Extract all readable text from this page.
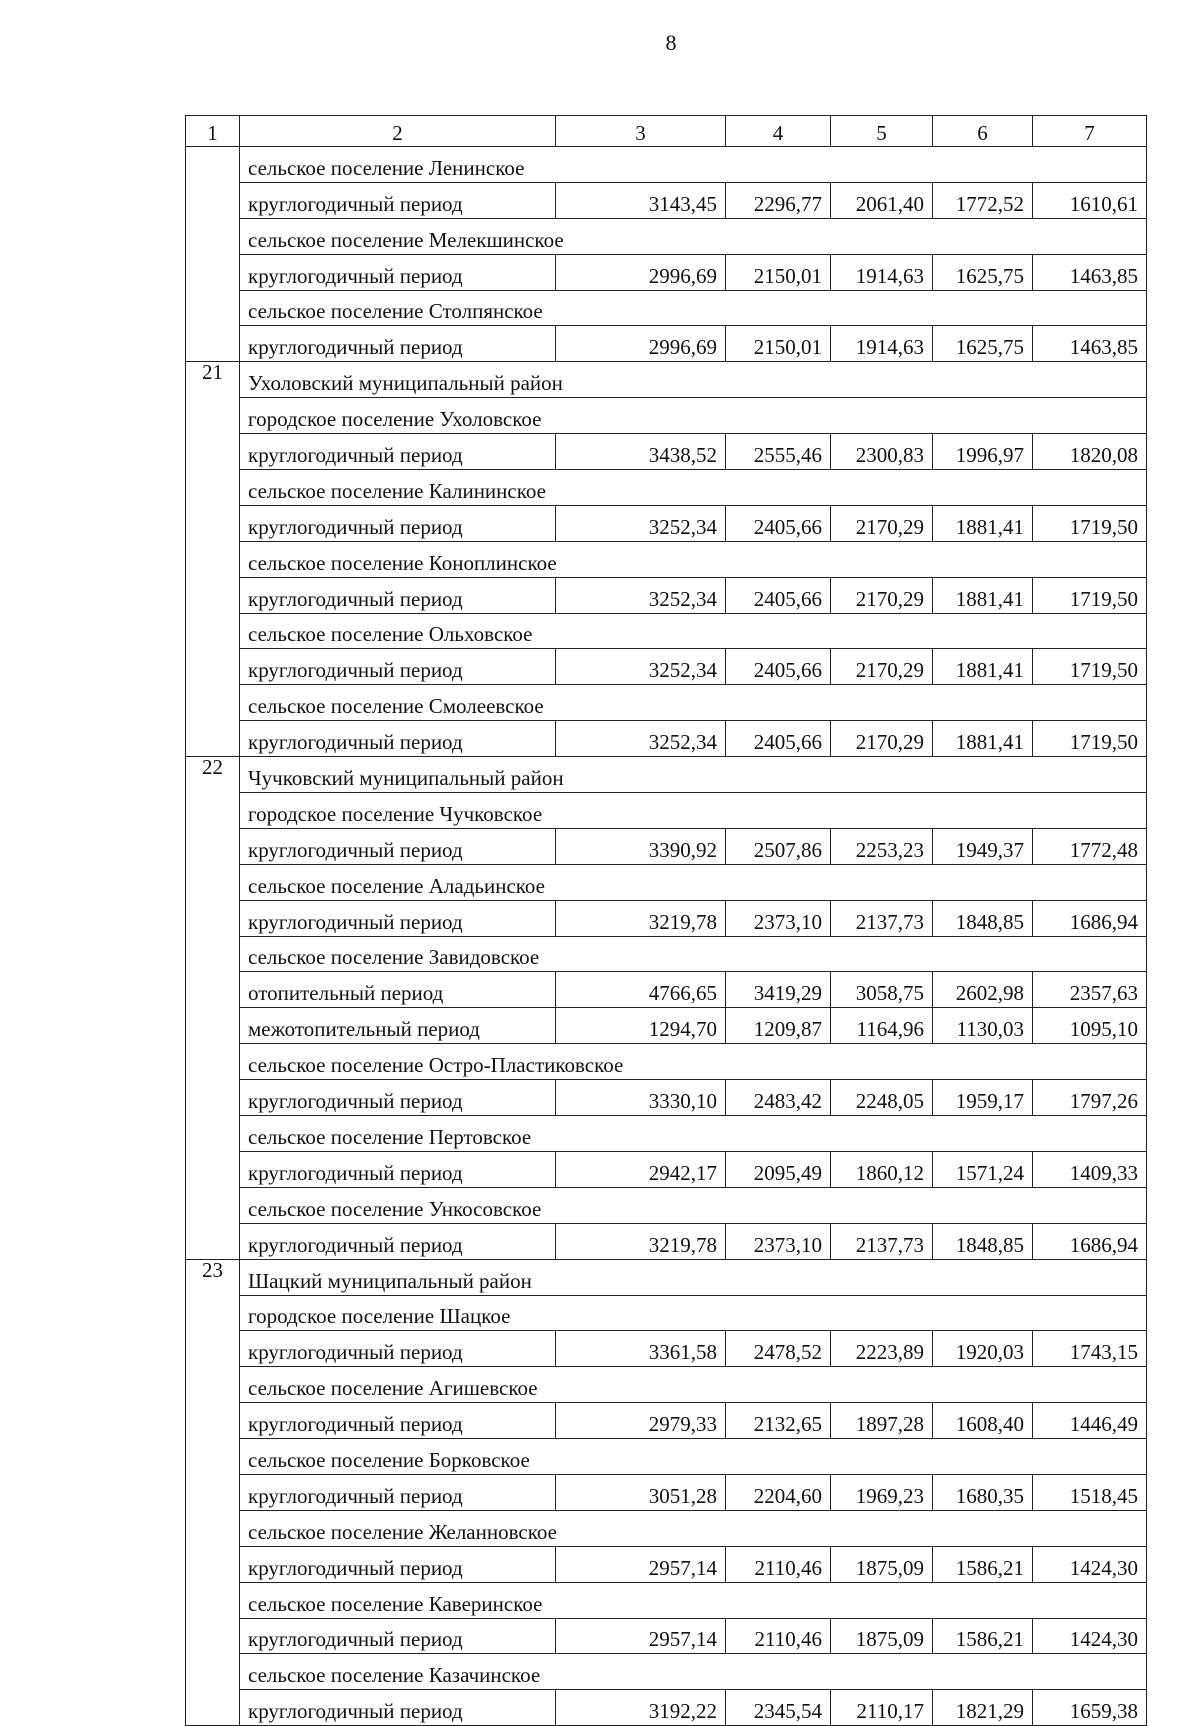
8
1	2	3	4	5	6	7
	сельское поселение Ленинское					
	круглогодичный период	3143,45	2296,77	2061,40	1772,52	1610,61
	сельское поселение Мелекшинское					
	круглогодичный период	2996,69	2150,01	1914,63	1625,75	1463,85
	сельское поселение Столпянское					
	круглогодичный период	2996,69	2150,01	1914,63	1625,75	1463,85
21	Ухоловский муниципальный район					
	городское поселение Ухоловское					
	круглогодичный период	3438,52	2555,46	2300,83	1996,97	1820,08
	сельское поселение Калининское					
	круглогодичный период	3252,34	2405,66	2170,29	1881,41	1719,50
	сельское поселение Коноплинское					
	круглогодичный период	3252,34	2405,66	2170,29	1881,41	1719,50
	сельское поселение Ольховское					
	круглогодичный период	3252,34	2405,66	2170,29	1881,41	1719,50
	сельское поселение Смолеевское					
	круглогодичный период	3252,34	2405,66	2170,29	1881,41	1719,50
22	Чучковский муниципальный район					
	городское поселение Чучковское					
	круглогодичный период	3390,92	2507,86	2253,23	1949,37	1772,48
	сельское поселение Аладьинское					
	круглогодичный период	3219,78	2373,10	2137,73	1848,85	1686,94
	сельское поселение Завидовское					
	отопительный период	4766,65	3419,29	3058,75	2602,98	2357,63
	межотопительный период	1294,70	1209,87	1164,96	1130,03	1095,10
	сельское поселение Остро-Пластиковское					
	круглогодичный период	3330,10	2483,42	2248,05	1959,17	1797,26
	сельское поселение Пертовское					
	круглогодичный период	2942,17	2095,49	1860,12	1571,24	1409,33
	сельское поселение Ункосовское					
	круглогодичный период	3219,78	2373,10	2137,73	1848,85	1686,94
23	Шацкий муниципальный район					
	городское поселение Шацкое					
	круглогодичный период	3361,58	2478,52	2223,89	1920,03	1743,15
	сельское поселение Агишевское					
	круглогодичный период	2979,33	2132,65	1897,28	1608,40	1446,49
	сельское поселение Борковское					
	круглогодичный период	3051,28	2204,60	1969,23	1680,35	1518,45
	сельское поселение Желанновское					
	круглогодичный период	2957,14	2110,46	1875,09	1586,21	1424,30
	сельское поселение Каверинское					
	круглогодичный период	2957,14	2110,46	1875,09	1586,21	1424,30
	сельское поселение Казачинское					
	круглогодичный период	3192,22	2345,54	2110,17	1821,29	1659,38
